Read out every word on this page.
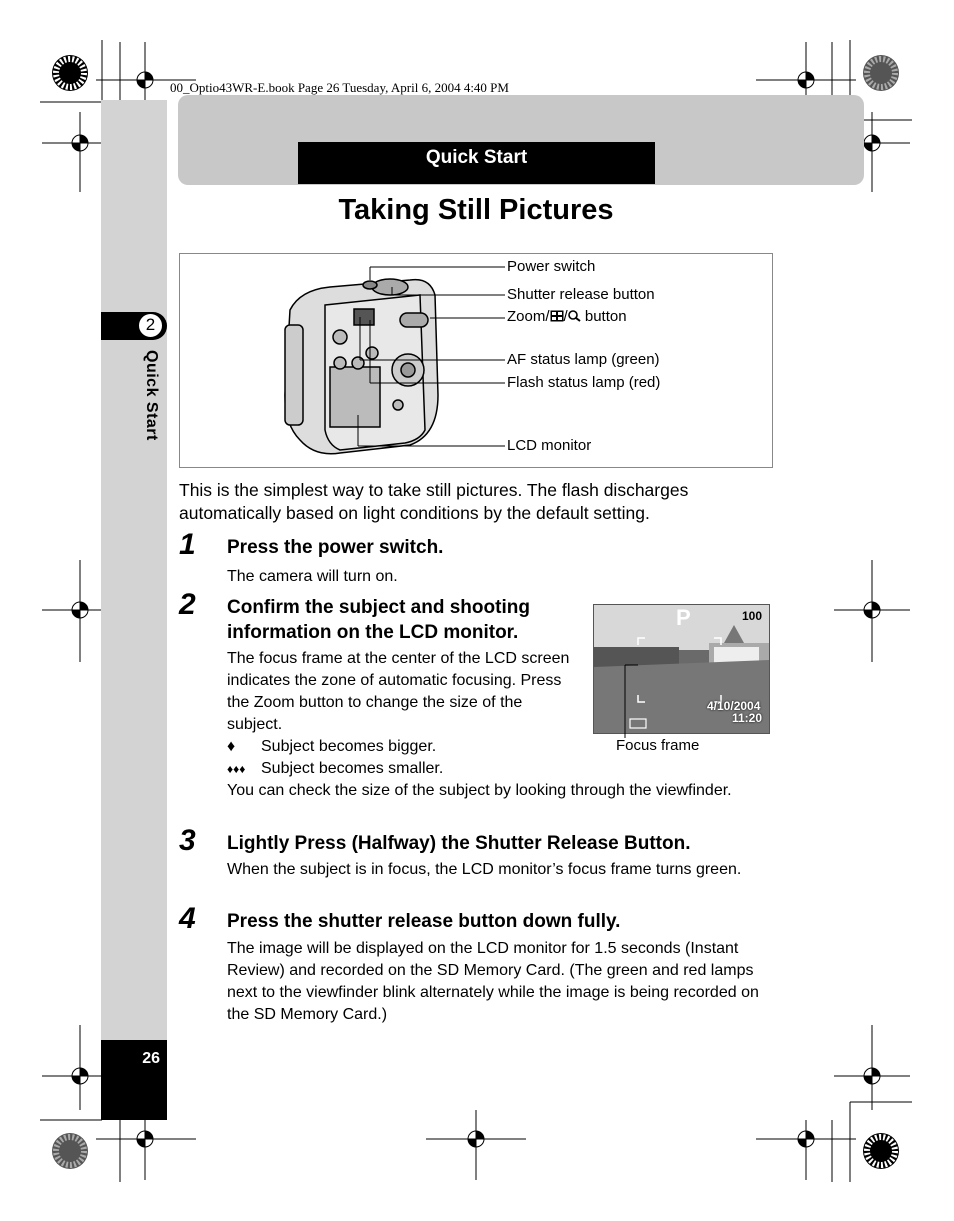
00_Optio43WR-E.book Page 26 Tuesday, April 6, 2004 4:40 PM
26
2
Quick Start
Quick Start
Taking Still Pictures
Power switch
Shutter release button
Zoom/ / button
AF status lamp (green)
Flash status lamp (red)
LCD monitor
This is the simplest way to take still pictures. The flash discharges automatically based on light conditions by the default setting.
1 Press the power switch.
The camera will turn on.
2 Confirm the subject and shooting information on the LCD monitor.
The focus frame at the center of the LCD screen indicates the zone of automatic focusing. Press the Zoom button to change the size of the subject.
♦ Subject becomes bigger.
♦♦♦ Subject becomes smaller.
You can check the size of the subject by looking through the viewfinder.
P	100
4/10/2004
11:20
Focus frame
3 Lightly Press (Halfway) the Shutter Release Button.
When the subject is in focus, the LCD monitor’s focus frame turns green.
4 Press the shutter release button down fully.
The image will be displayed on the LCD monitor for 1.5 seconds (Instant Review) and recorded on the SD Memory Card. (The green and red lamps next to the viewfinder blink alternately while the image is being recorded on the SD Memory Card.)
